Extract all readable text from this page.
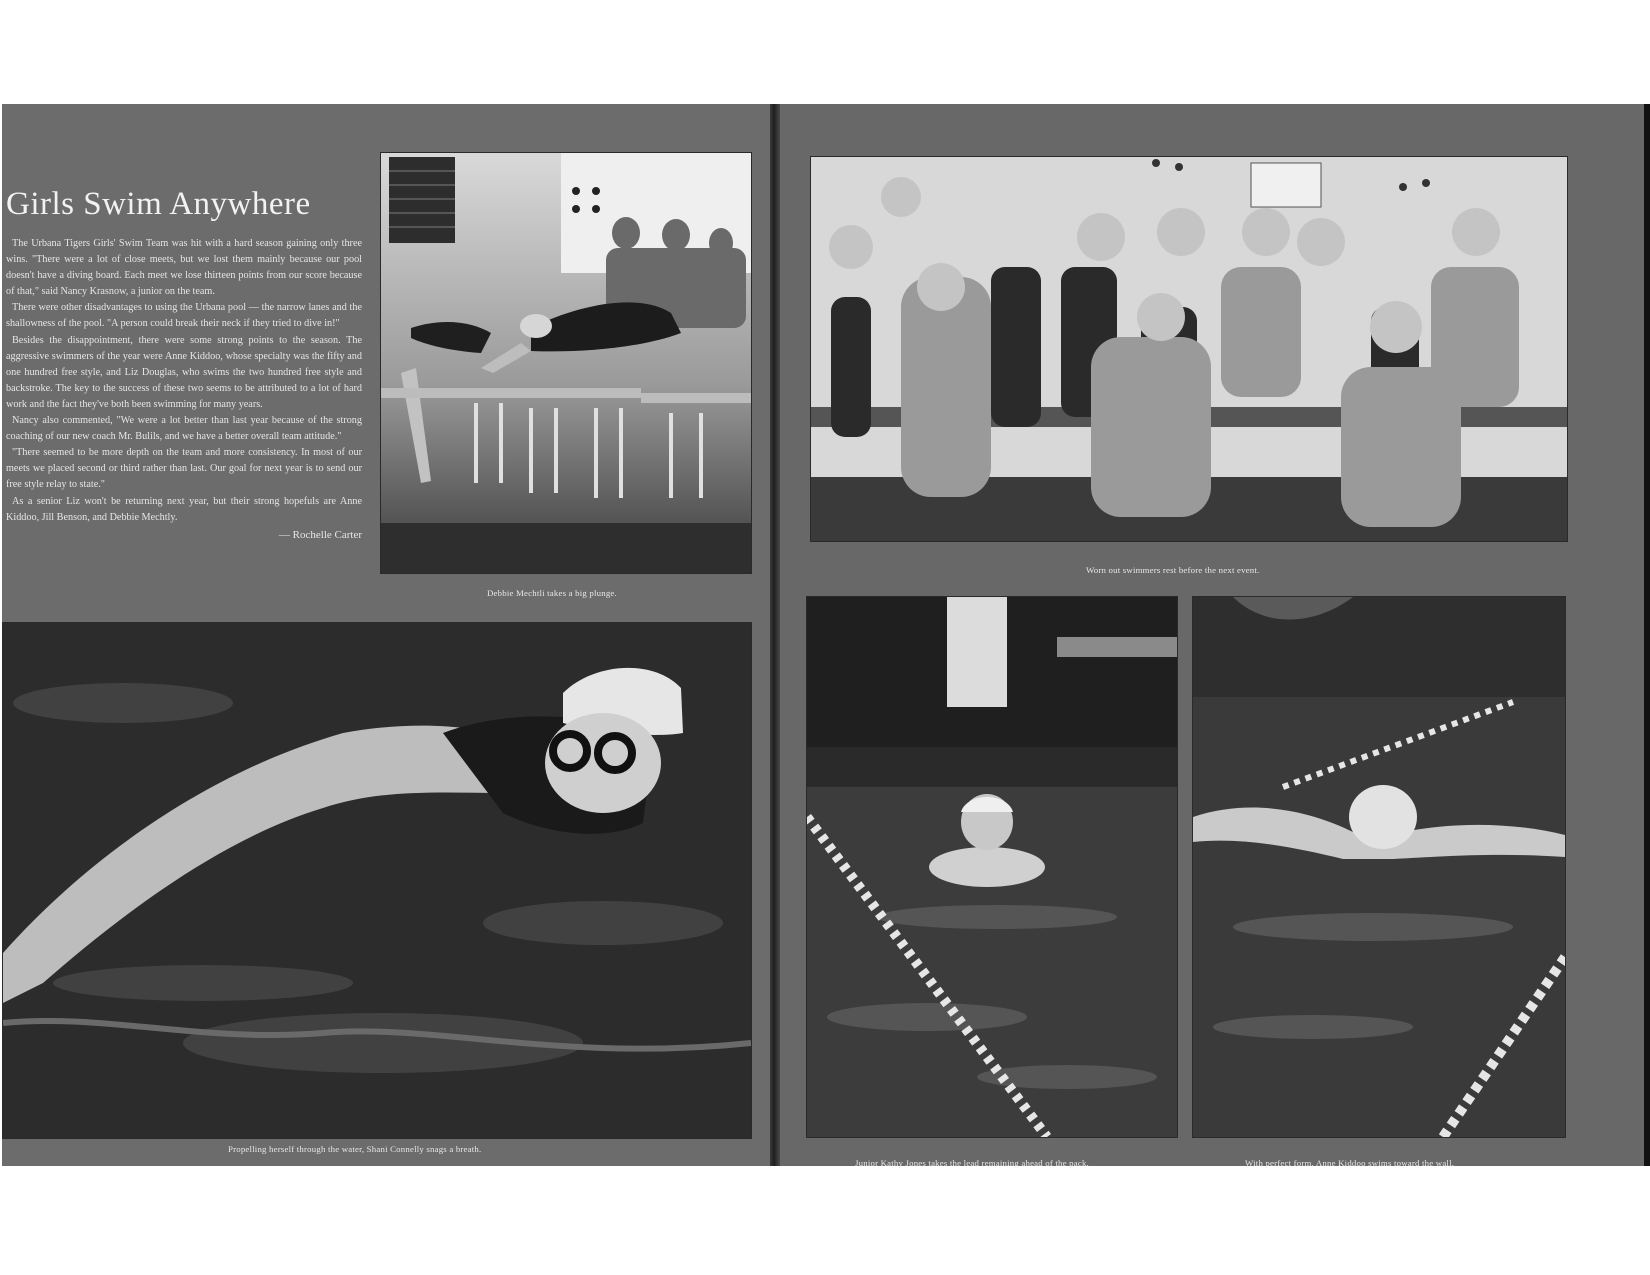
Girls Swim Anywhere

The Urbana Tigers Girls' Swim Team was hit with a hard season gaining only three wins. "There were a lot of close meets, but we lost them mainly because our pool doesn't have a diving board. Each meet we lose thirteen points from our score because of that," said Nancy Krasnow, a junior on the team.

There were other disadvantages to using the Urbana pool — the narrow lanes and the shallowness of the pool. "A person could break their neck if they tried to dive in!"

Besides the disappointment, there were some strong points to the season. The aggressive swimmers of the year were Anne Kiddoo, whose specialty was the fifty and one hundred free style, and Liz Douglas, who swims the two hundred free style and backstroke. The key to the success of these two seems to be attributed to a lot of hard work and the fact they've both been swimming for many years.

Nancy also commented, "We were a lot better than last year because of the strong coaching of our new coach Mr. Bulils, and we have a better overall team attitude."

"There seemed to be more depth on the team and more consistency. In most of our meets we placed second or third rather than last. Our goal for next year is to send our free style relay to state."

As a senior Liz won't be returning next year, but their strong hopefuls are Anne Kiddoo, Jill Benson, and Debbie Mechtly.

— Rochelle Carter
Debbie Mechtli takes a big plunge.
Propelling herself through the water, Shani Connelly snags a breath.
Worn out swimmers rest before the next event.
Junior Kathy Jones takes the lead remaining ahead of the pack.	With perfect form, Anne Kiddoo swims toward the wall.
